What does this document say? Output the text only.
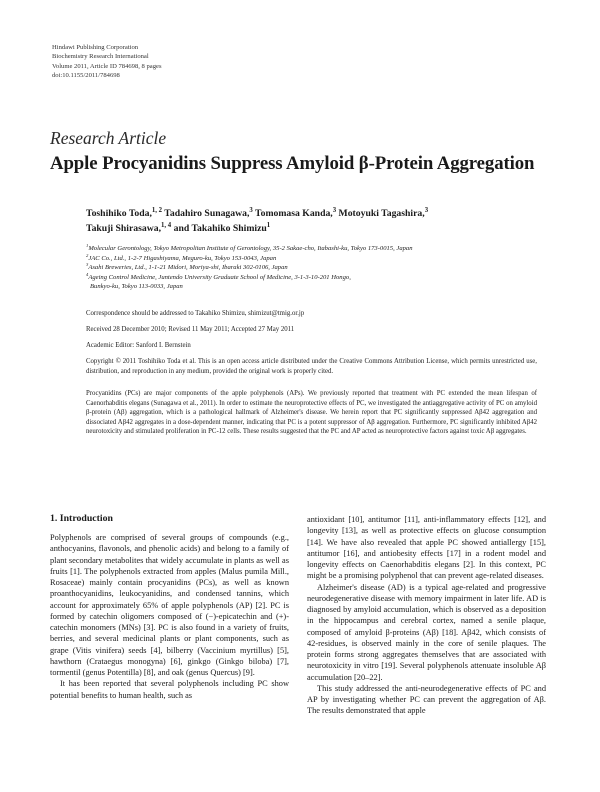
Hindawi Publishing Corporation
Biochemistry Research International
Volume 2011, Article ID 784698, 8 pages
doi:10.1155/2011/784698
Research Article
Apple Procyanidins Suppress Amyloid β-Protein Aggregation
Toshihiko Toda,$^{1, 2}$ Tadahiro Sunagawa,$^3$ Tomomasa Kanda,$^3$ Motoyuki Tagashira,$^3$
Takuji Shirasawa,$^{1, 4}$ and Takahiko Shimizu$^1$
$^1$Molecular Gerontology, Tokyo Metropolitan Institute of Gerontology, 35-2 Sakae-cho, Itabashi-ku, Tokyo 173-0015, Japan
$^2$JAC Co., Ltd., 1-2-7 Higashiyama, Meguro-ku, Tokyo 153-0043, Japan
$^3$Asahi Breweries, Ltd., 1-1-21 Midori, Moriya-shi, Ibaraki 302-0106, Japan
$^4$Ageing Control Medicine, Juntendo University Graduate School of Medicine, 3-1-3-10-201 Hongo,
Bunkyo-ku, Tokyo 113-0033, Japan
Correspondence should be addressed to Takahiko Shimizu, shimizut@tmig.or.jp
Received 28 December 2010; Revised 11 May 2011; Accepted 27 May 2011
Academic Editor: Sanford I. Bernstein
Copyright © 2011 Toshihiko Toda et al. This is an open access article distributed under the Creative Commons Attribution License, which permits unrestricted use, distribution, and reproduction in any medium, provided the original work is properly cited.
Procyanidins (PCs) are major components of the apple polyphenols (APs). We previously reported that treatment with PC extended the mean lifespan of Caenorhabditis elegans (Sunagawa et al., 2011). In order to estimate the neuroprotective effects of PC, we investigated the antiaggregative activity of PC on amyloid β-protein (Aβ) aggregation, which is a pathological hallmark of Alzheimer's disease. We herein report that PC significantly suppressed Aβ42 aggregation and dissociated Aβ42 aggregates in a dose-dependent manner, indicating that PC is a potent suppressor of Aβ aggregation. Furthermore, PC significantly inhibited Aβ42 neurotoxicity and stimulated proliferation in PC-12 cells. These results suggested that the PC and AP acted as neuroprotective factors against toxic Aβ aggregates.
1. Introduction

Polyphenols are comprised of several groups of compounds (e.g., anthocyanins, flavonols, and phenolic acids) and belong to a family of plant secondary metabolites that widely accumulate in plants as well as fruits [1]. The polyphenols extracted from apples (Malus pumila Mill., Rosaceae) mainly contain procyanidins (PCs), as well as known proanthocyanidins, leukocyanidins, and condensed tannins, which account for approximately 65% of apple polyphenols (AP) [2]. PC is formed by catechin oligomers composed of (−)-epicatechin and (+)-catechin monomers (MNs) [3]. PC is also found in a variety of fruits, berries, and several medicinal plants or plant components, such as grape (Vitis vinifera) seeds [4], bilberry (Vaccinium myrtillus) [5], hawthorn (Crataegus monogyna) [6], ginkgo (Ginkgo biloba) [7], tormentil (genus Potentilla) [8], and oak (genus Quercus) [9].

It has been reported that several polyphenols including PC show potential benefits to human health, such as

antioxidant [10], antitumor [11], anti-inflammatory effects [12], and longevity [13], as well as protective effects on glucose consumption [14]. We have also revealed that apple PC showed antiallergy [15], antitumor [16], and antiobesity effects [17] in a rodent model and longevity effects on Caenorhabditis elegans [2]. In this context, PC might be a promising polyphenol that can prevent age-related diseases.

Alzheimer's disease (AD) is a typical age-related and progressive neurodegenerative disease with memory impairment in later life. AD is diagnosed by amyloid accumulation, which is observed as a deposition in the hippocampus and cerebral cortex, named a senile plaque, composed of amyloid β-proteins (Aβ) [18]. Aβ42, which consists of 42-residues, is observed mainly in the core of senile plaques. The protein forms strong aggregates themselves that are associated with neurotoxicity in vitro [19]. Several polyphenols attenuate insoluble Aβ accumulation [20–22].

This study addressed the anti-neurodegenerative effects of PC and AP by investigating whether PC can prevent the aggregation of Aβ. The results demonstrated that apple
